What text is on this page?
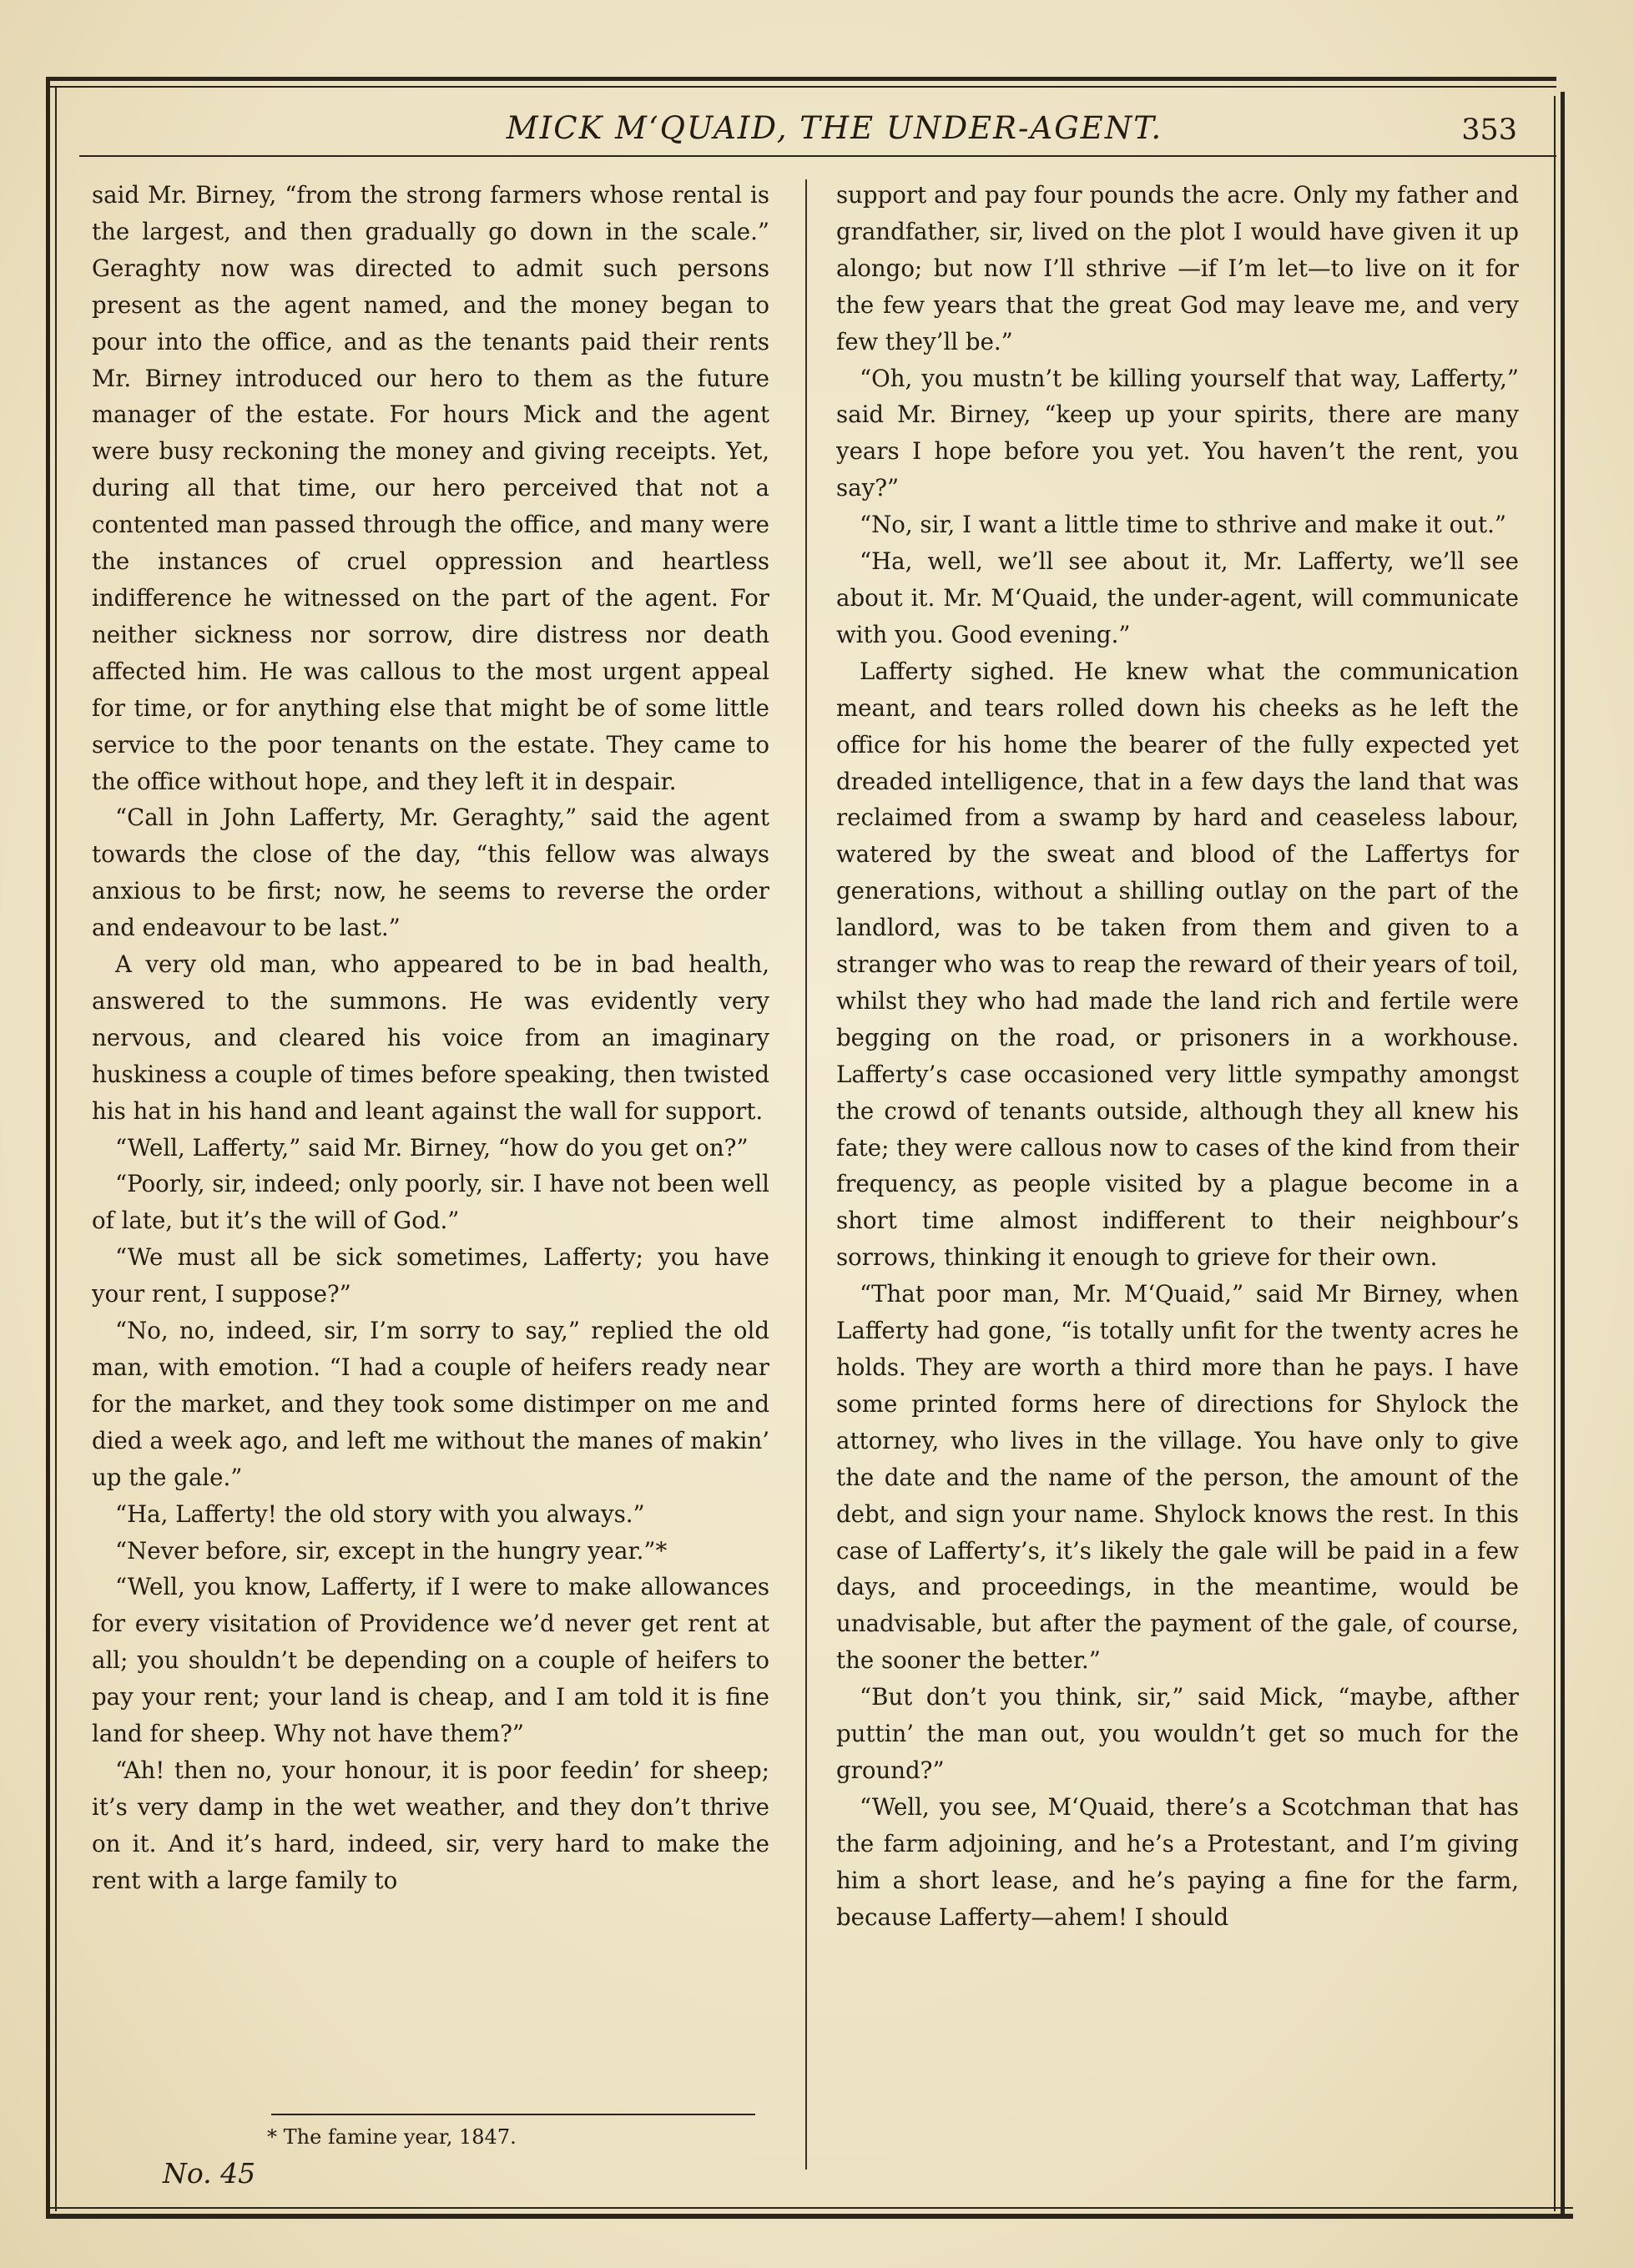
MICK M‘QUAID, THE UNDER-AGENT.	353

said Mr. Birney, “from the strong farmers whose rental is the largest, and then gradually go down in the scale.” Geraghty now was directed to admit such persons present as the agent named, and the money began to pour into the office, and as the tenants paid their rents Mr. Birney introduced our hero to them as the future manager of the estate. For hours Mick and the agent were busy reckoning the money and giving receipts. Yet, during all that time, our hero perceived that not a contented man passed through the office, and many were the instances of cruel oppression and heartless indifference he witnessed on the part of the agent. For neither sickness nor sorrow, dire distress nor death affected him. He was callous to the most urgent appeal for time, or for anything else that might be of some little service to the poor tenants on the estate. They came to the office without hope, and they left it in despair.

“Call in John Lafferty, Mr. Geraghty,” said the agent towards the close of the day, “this fellow was always anxious to be first; now, he seems to reverse the order and endeavour to be last.”

A very old man, who appeared to be in bad health, answered to the summons. He was evidently very nervous, and cleared his voice from an imaginary huskiness a couple of times before speaking, then twisted his hat in his hand and leant against the wall for support.

“Well, Lafferty,” said Mr. Birney, “how do you get on?”

“Poorly, sir, indeed; only poorly, sir. I have not been well of late, but it’s the will of God.”

“We must all be sick sometimes, Lafferty; you have your rent, I suppose?”

“No, no, indeed, sir, I’m sorry to say,” replied the old man, with emotion. “I had a couple of heifers ready near for the market, and they took some distimper on me and died a week ago, and left me without the manes of makin’ up the gale.”

“Ha, Lafferty! the old story with you always.”

“Never before, sir, except in the hungry year.”*

“Well, you know, Lafferty, if I were to make allowances for every visitation of Providence we’d never get rent at all; you shouldn’t be depending on a couple of heifers to pay your rent; your land is cheap, and I am told it is fine land for sheep. Why not have them?”

“Ah! then no, your honour, it is poor feedin’ for sheep; it’s very damp in the wet weather, and they don’t thrive on it. And it’s hard, indeed, sir, very hard to make the rent with a large family to

support and pay four pounds the acre. Only my father and grandfather, sir, lived on the plot I would have given it up alongo; but now I’ll sthrive —if I’m let—to live on it for the few years that the great God may leave me, and very few they’ll be.”

“Oh, you mustn’t be killing yourself that way, Lafferty,” said Mr. Birney, “keep up your spirits, there are many years I hope before you yet. You haven’t the rent, you say?”

“No, sir, I want a little time to sthrive and make it out.”

“Ha, well, we’ll see about it, Mr. Lafferty, we’ll see about it. Mr. M‘Quaid, the under-agent, will communicate with you. Good evening.”

Lafferty sighed. He knew what the communication meant, and tears rolled down his cheeks as he left the office for his home the bearer of the fully expected yet dreaded intelligence, that in a few days the land that was reclaimed from a swamp by hard and ceaseless labour, watered by the sweat and blood of the Laffertys for generations, without a shilling outlay on the part of the landlord, was to be taken from them and given to a stranger who was to reap the reward of their years of toil, whilst they who had made the land rich and fertile were begging on the road, or prisoners in a workhouse. Lafferty’s case occasioned very little sympathy amongst the crowd of tenants outside, although they all knew his fate; they were callous now to cases of the kind from their frequency, as people visited by a plague become in a short time almost indifferent to their neighbour’s sorrows, thinking it enough to grieve for their own.

“That poor man, Mr. M‘Quaid,” said Mr Birney, when Lafferty had gone, “is totally unfit for the twenty acres he holds. They are worth a third more than he pays. I have some printed forms here of directions for Shylock the attorney, who lives in the village. You have only to give the date and the name of the person, the amount of the debt, and sign your name. Shylock knows the rest. In this case of Lafferty’s, it’s likely the gale will be paid in a few days, and proceedings, in the meantime, would be unadvisable, but after the payment of the gale, of course, the sooner the better.”

“But don’t you think, sir,” said Mick, “maybe, afther puttin’ the man out, you wouldn’t get so much for the ground?”

“Well, you see, M‘Quaid, there’s a Scotchman that has the farm adjoining, and he’s a Protestant, and I’m giving him a short lease, and he’s paying a fine for the farm, because Lafferty—ahem! I should

* The famine year, 1847.
No. 45
